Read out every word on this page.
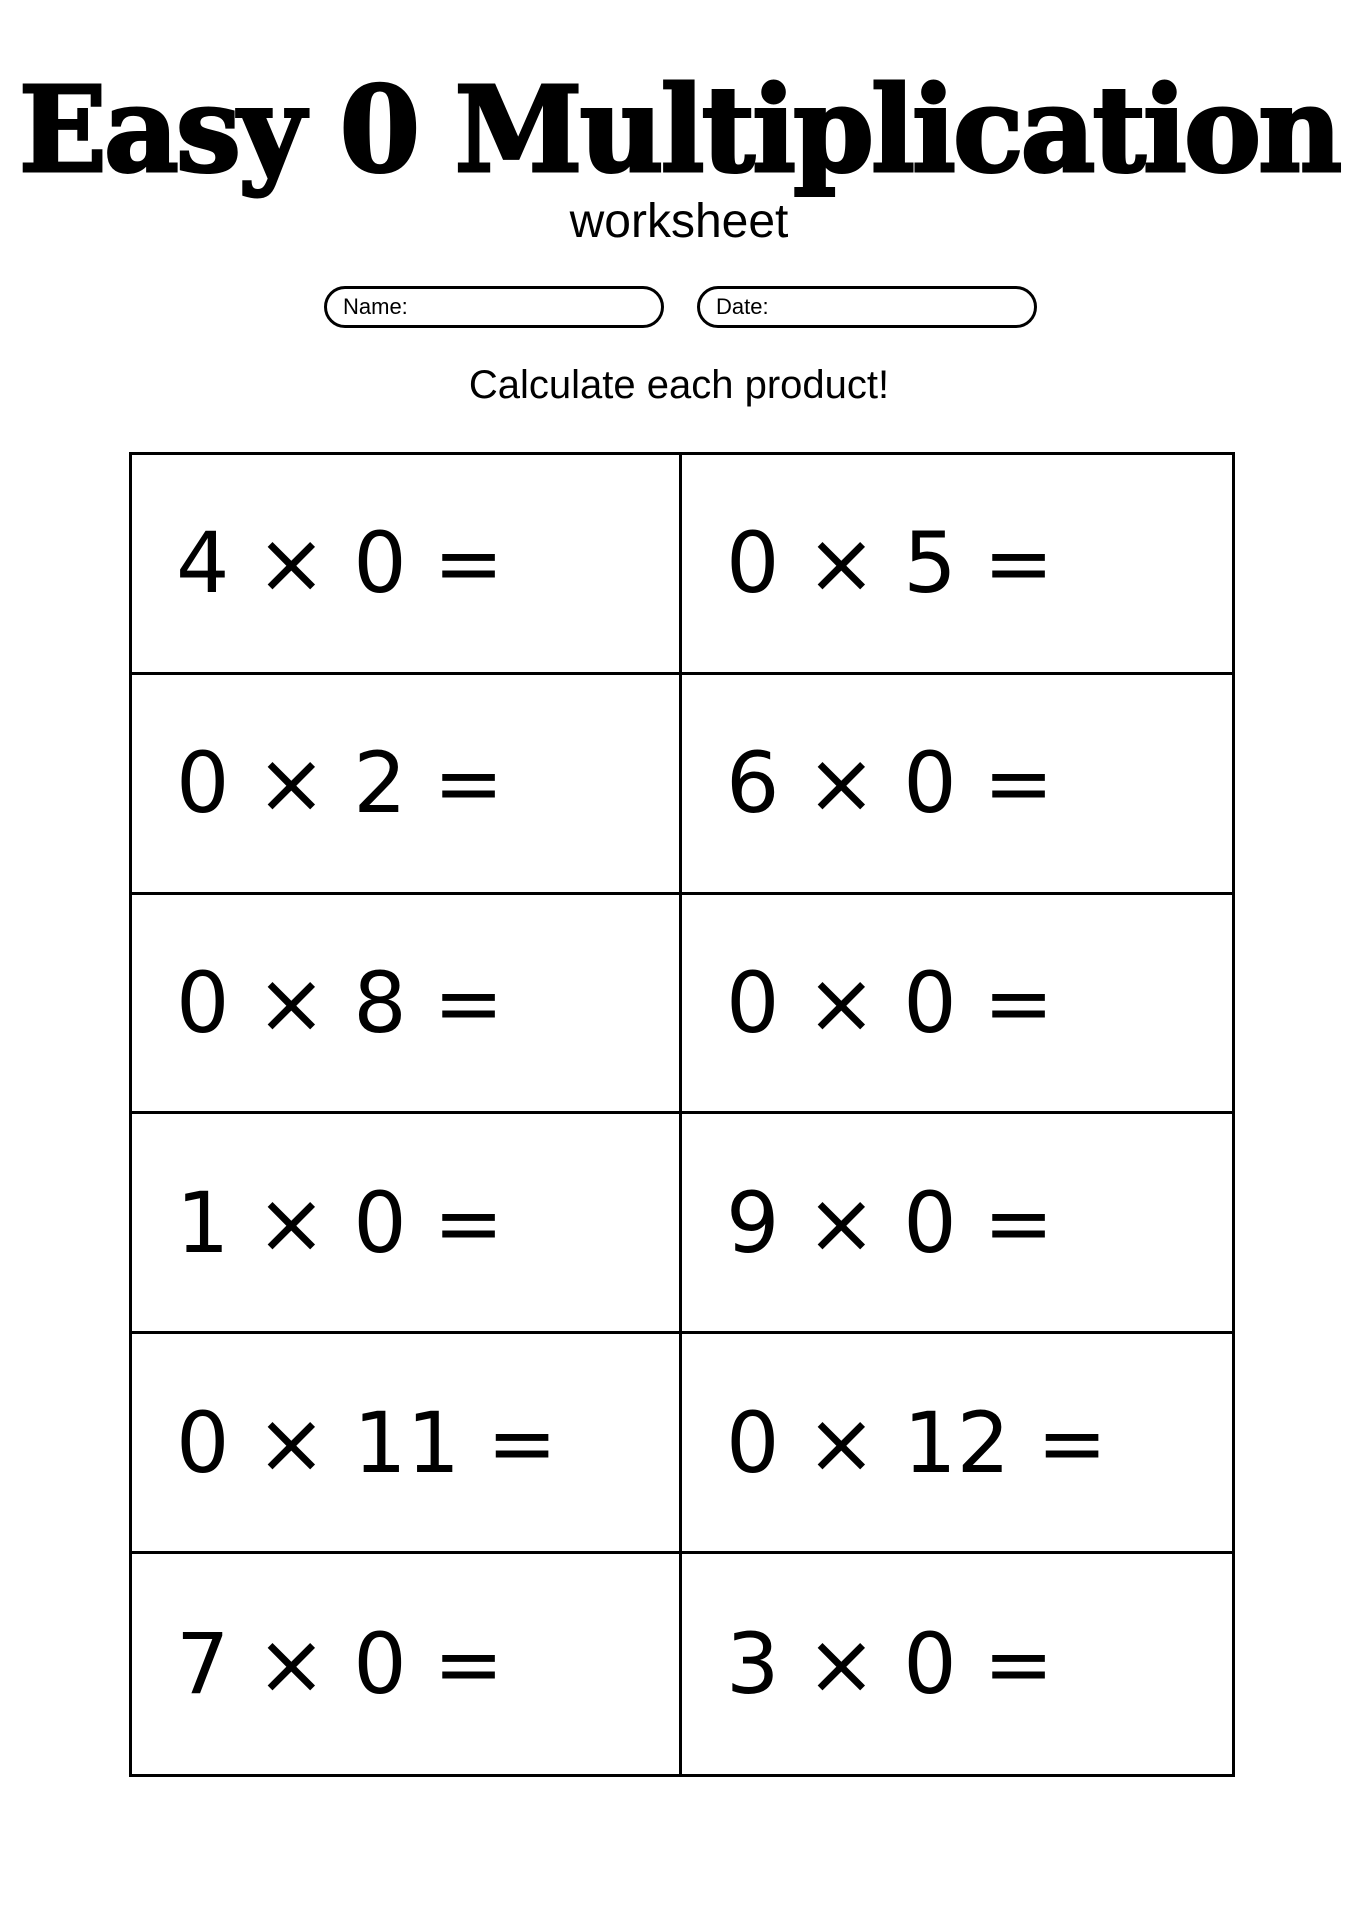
Easy 0 Multiplication
worksheet
Name:	Date:
Calculate each product!
4 × 0 =	0 × 5 =
0 × 2 =	6 × 0 =
0 × 8 =	0 × 0 =
1 × 0 =	9 × 0 =
0 × 11 = 0 × 12 =
7 × 0 =	3 × 0 =
